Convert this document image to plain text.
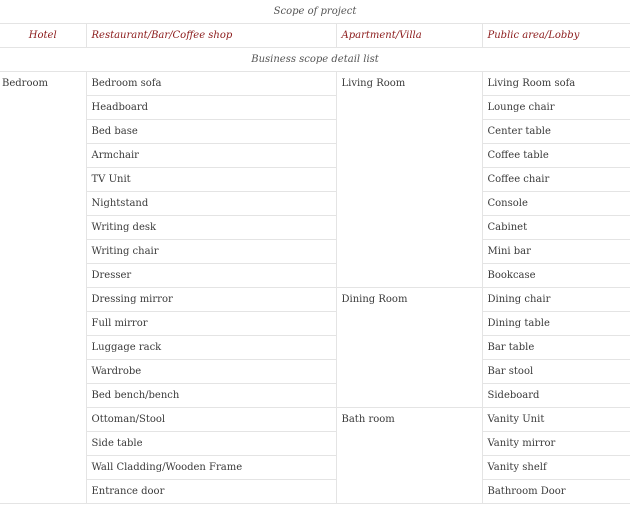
Scope of project			
Hotel	Restaurant/Bar/Coffee shop	Apartment/Villa	Public area/Lobby
Business scope detail list			
Bedroom	Bedroom sofa	Living Room	Living Room sofa
	Headboard		Lounge chair
	Bed base		Center table
	Armchair		Coffee table
	TV Unit		Coffee chair
	Nightstand		Console
	Writing desk		Cabinet
	Writing chair		Mini bar
	Dresser		Bookcase
	Dressing mirror	Dining Room	Dining chair
	Full mirror		Dining table
	Luggage rack		Bar table
	Wardrobe		Bar stool
	Bed bench/bench		Sideboard
	Ottoman/Stool	Bath room	Vanity Unit
	Side table		Vanity mirror
	Wall Cladding/Wooden Frame		Vanity shelf
	Entrance door		Bathroom Door
